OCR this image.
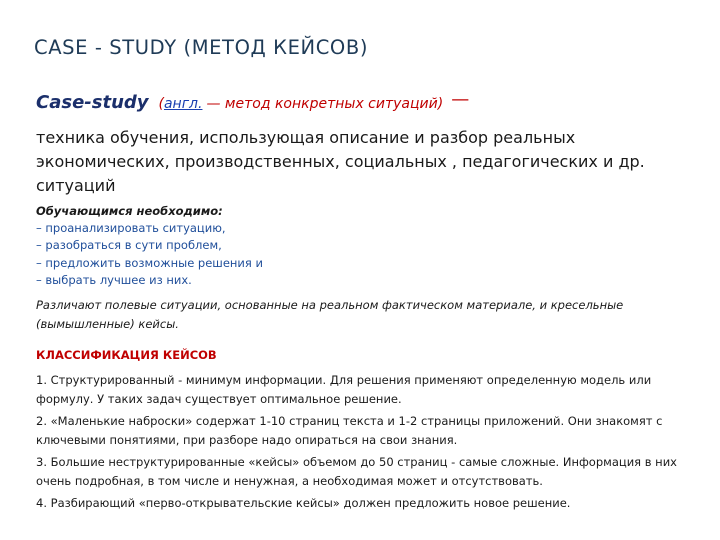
CASE - STUDY (МЕТОД КЕЙСОВ)
Case-study (англ. — метод конкретных ситуаций) —
техника обучения, использующая описание и разбор реальных экономических, производственных, социальных , педагогических и др. ситуаций
Обучающимся необходимо:
– проанализировать ситуацию,
– разобраться в сути проблем,
– предложить возможные решения и
– выбрать лучшее из них.
Различают полевые ситуации, основанные на реальном фактическом материале, и кресельные (вымышленные) кейсы.
КЛАССИФИКАЦИЯ КЕЙСОВ

1. Структурированный - минимум информации. Для решения применяют определенную модель или формулу. У таких задач существует оптимальное решение.

2. «Маленькие наброски» содержат 1-10 страниц текста и 1-2 страницы приложений. Они знакомят с ключевыми понятиями, при разборе надо опираться на свои знания.

3. Большие неструктурированные «кейсы» объемом до 50 страниц - самые сложные. Информация в них очень подробная, в том числе и ненужная, а необходимая может и отсутствовать.

4. Разбирающий «перво-открывательские кейсы» должен предложить новое решение.
